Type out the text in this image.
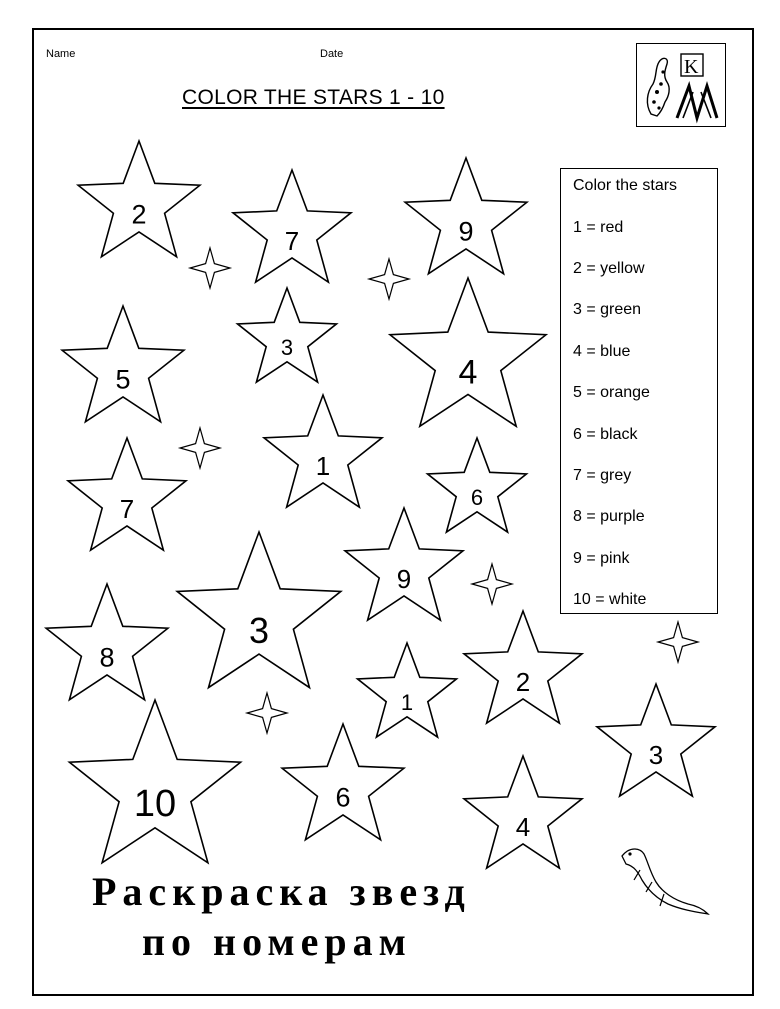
Name	Date
COLOR THE STARS 1 - 10
K
Color the stars
1 = red
2 = yellow
3 = green
4 = blue
5 = orange
6 = black
7 = grey
8 = purple
9 = pink
10 = white
2
7	9
5
3
4
1
7	6
9
3
8
2
1
3
10	6
4
Раскраска звезд
по номерам
